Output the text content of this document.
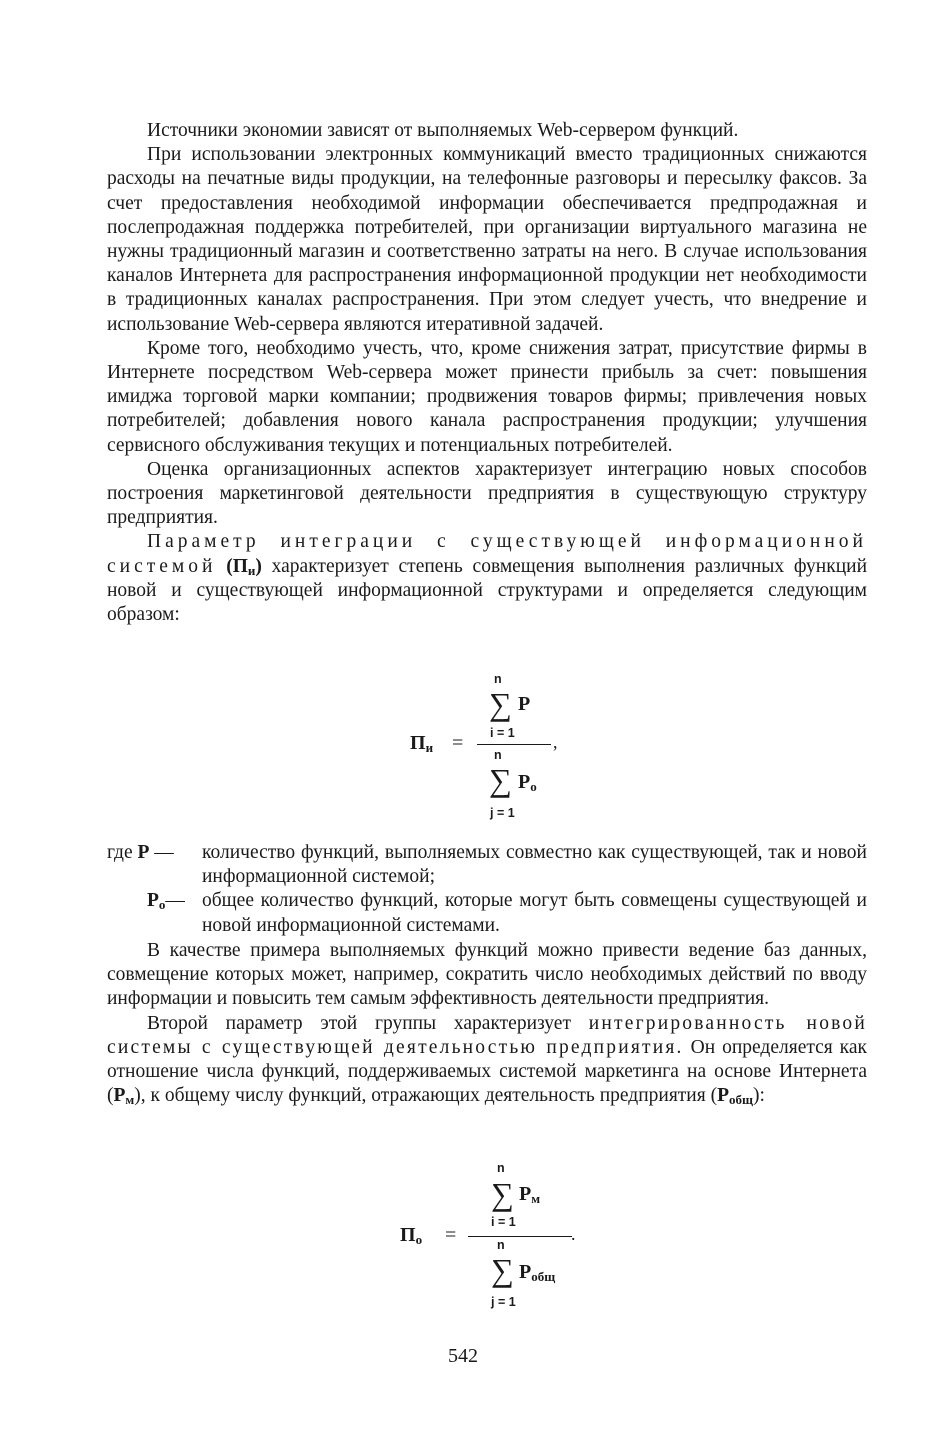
Источники экономии зависят от выполняемых Web-сервером функций.

При использовании электронных коммуникаций вместо традиционных снижаются расходы на печатные виды продукции, на телефонные разговоры и пересылку факсов. За счет предоставления необходимой информации обеспечивается предпродажная и послепродажная поддержка потребителей, при организации виртуального магазина не нужны традиционный магазин и соответственно затраты на него. В случае использования каналов Интернета для распространения информационной продукции нет необходимости в традиционных каналах распространения. При этом следует учесть, что внедрение и использование Web-сервера являются итеративной задачей.

Кроме того, необходимо учесть, что, кроме снижения затрат, присутствие фирмы в Интернете посредством Web-сервера может принести прибыль за счет: повышения имиджа торговой марки компании; продвижения товаров фирмы; привлечения новых потребителей; добавления нового канала распространения продукции; улучшения сервисного обслуживания текущих и потенциальных потребителей.

Оценка организационных аспектов характеризует интеграцию новых способов построения маркетинговой деятельности предприятия в существующую структуру предприятия.

Параметр интеграции с существующей информационной системой $(П_и)$ характеризует степень совмещения выполнения различных функций новой и существующей информационной структурами и определяется следующим образом:

n
∑ P
i = 1
$П_и$ =	,
n
∑ $P_o$
j = 1
где Р — количество функций, выполняемых совместно как существующей, так и новой информационной системой;
$Р_о—$ общее количество функций, которые могут быть совмещены существующей и новой информационной системами.

В качестве примера выполняемых функций можно привести ведение баз данных, совмещение которых может, например, сократить число необходимых действий по вводу информации и повысить тем самым эффективность деятельности предприятия.

Второй параметр этой группы характеризует интегрированность новой системы с существующей деятельностью предприятия. Он определяется как отношение числа функций, поддерживаемых системой маркетинга на основе Интернета $(Р_м)$, к общему числу функций, отражающих деятельность предприятия $(Р_{общ})$:

n
∑ $P_м$
i = 1
$П_о$ =	.
n
∑ $P_{общ}$
j = 1
542
